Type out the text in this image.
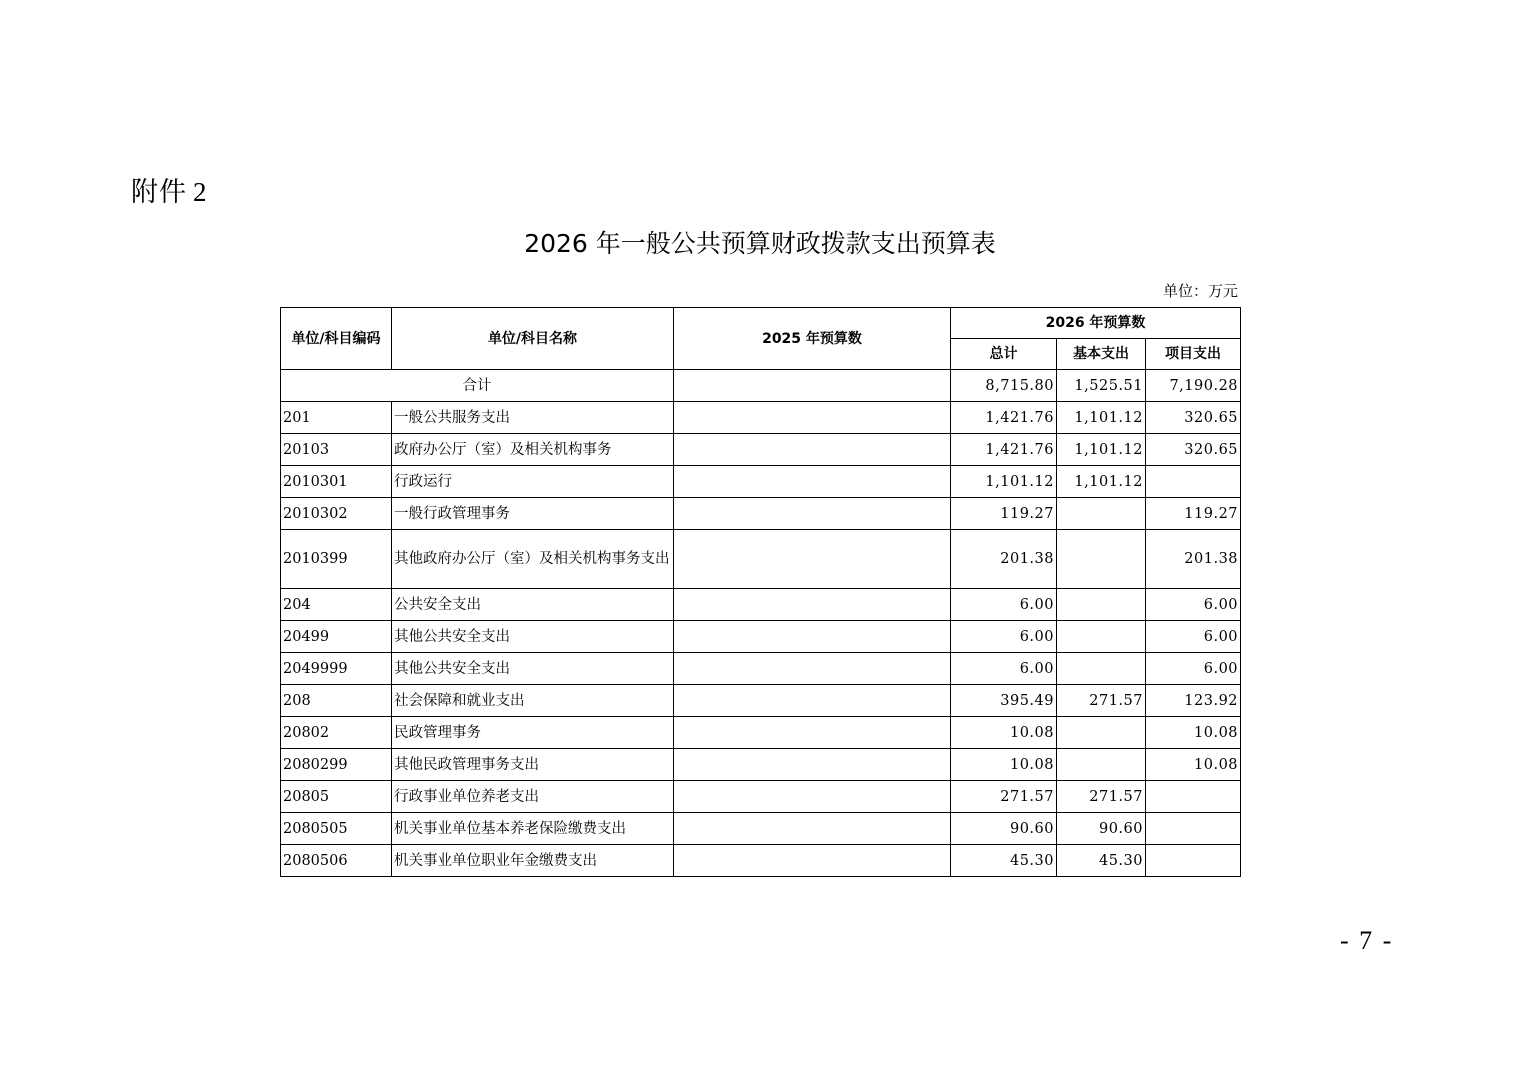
附件 2
2026 年一般公共预算财政拨款支出预算表
单位：万元
单位/科目编码	单位/科目名称	2025 年预算数	2026 年预算数		
			总计	基本支出	项目支出
合计			8,715.80	1,525.51	7,190.28
201	一般公共服务支出		1,421.76	1,101.12	320.65
20103	政府办公厅（室）及相关机构事务		1,421.76	1,101.12	320.65
2010301	行政运行		1,101.12	1,101.12	
2010302	一般行政管理事务		119.27		119.27
2010399	其他政府办公厅（室）及相关机构事务支出		201.38		201.38
204	公共安全支出		6.00		6.00
20499	其他公共安全支出		6.00		6.00
2049999	其他公共安全支出		6.00		6.00
208	社会保障和就业支出		395.49	271.57	123.92
20802	民政管理事务		10.08		10.08
2080299	其他民政管理事务支出		10.08		10.08
20805	行政事业单位养老支出		271.57	271.57	
2080505	机关事业单位基本养老保险缴费支出		90.60	90.60	
2080506	机关事业单位职业年金缴费支出		45.30	45.30	
- 7 -
